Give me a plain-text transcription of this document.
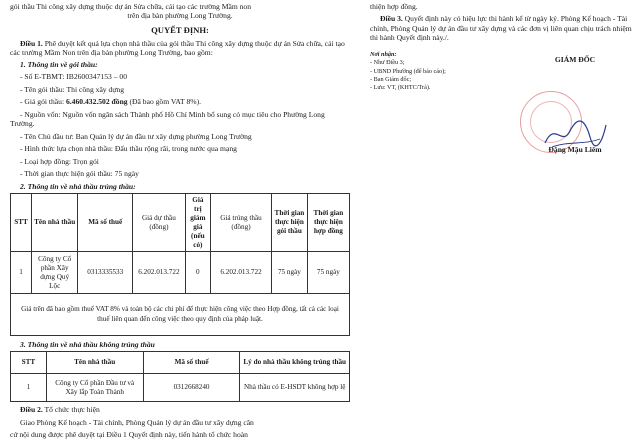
gói thầu Thi công xây dựng thuộc dự án Sửa chữa, cải tạo các trường Mầm non
trên địa bàn phường Long Trường.
QUYẾT ĐỊNH:
Điều 1. Phê duyệt kết quả lựa chọn nhà thầu của gói thầu Thi công xây dựng thuộc dự án Sửa chữa, cải tạo các trường Mầm Non trên địa bàn phường Long Trường, bao gồm:
1. Thông tin về gói thầu:
- Số E-TBMT: IB2600347153 – 00
- Tên gói thầu: Thi công xây dựng
- Giá gói thầu: 6.460.432.502 đồng (Đã bao gồm VAT 8%).
- Nguồn vốn: Nguồn vốn ngân sách Thành phố Hồ Chí Minh bổ sung có mục tiêu cho Phường Long Trường.
- Tên Chủ đầu tư: Ban Quản lý dự án đầu tư xây dựng phường Long Trường
- Hình thức lựa chọn nhà thầu: Đấu thầu rộng rãi, trong nước qua mạng
- Loại hợp đồng: Trọn gói
- Thời gian thực hiện gói thầu: 75 ngày
2. Thông tin về nhà thầu trúng thầu:
STT	Tên nhà thầu	Mã số thuế	Giá dự thầu (đồng)	Giá trị giảm giá (nếu có)	Giá trúng thầu (đồng)	Thời gian thực hiện gói thầu	Thời gian thực hiện hợp đồng
1	Công ty Cổ phần Xây dựng Quý Lộc	0313335533	6.202.013.722	0	6.202.013.722	75 ngày	75 ngày
Giá trên đã bao gồm thuế VAT 8% và toàn bộ các chi phí để thực hiện công việc theo Hợp đồng, tất cả các loại thuế liên quan đến công việc theo quy định của pháp luật.							
3. Thông tin về nhà thầu không trúng thầu
STT	Tên nhà thầu	Mã số thuế	Lý do nhà thầu không trúng thầu
1	Công ty Cổ phần Đầu tư và Xây lắp Toàn Thành	0312668240	Nhà thầu có E-HSDT không hợp lệ
Điều 2. Tổ chức thực hiện
Giao Phòng Kế hoạch - Tài chính, Phòng Quản lý dự án đầu tư xây dựng căn
cứ nội dung được phê duyệt tại Điều 1 Quyết định này, tiến hành tổ chức hoàn
thiện hợp đồng.
Điều 3. Quyết định này có hiệu lực thi hành kể từ ngày ký. Phòng Kế hoạch - Tài chính, Phòng Quản lý dự án đầu tư xây dựng và các đơn vị liên quan chịu trách nhiệm thi hành Quyết định này./.
Nơi nhận:
- Như Điều 3;
- UBND Phường (để báo cáo);
- Ban Giám đốc;
- Lưu: VT, (KHTC/Trà).
GIÁM ĐỐC
Đặng Mậu Liêm
